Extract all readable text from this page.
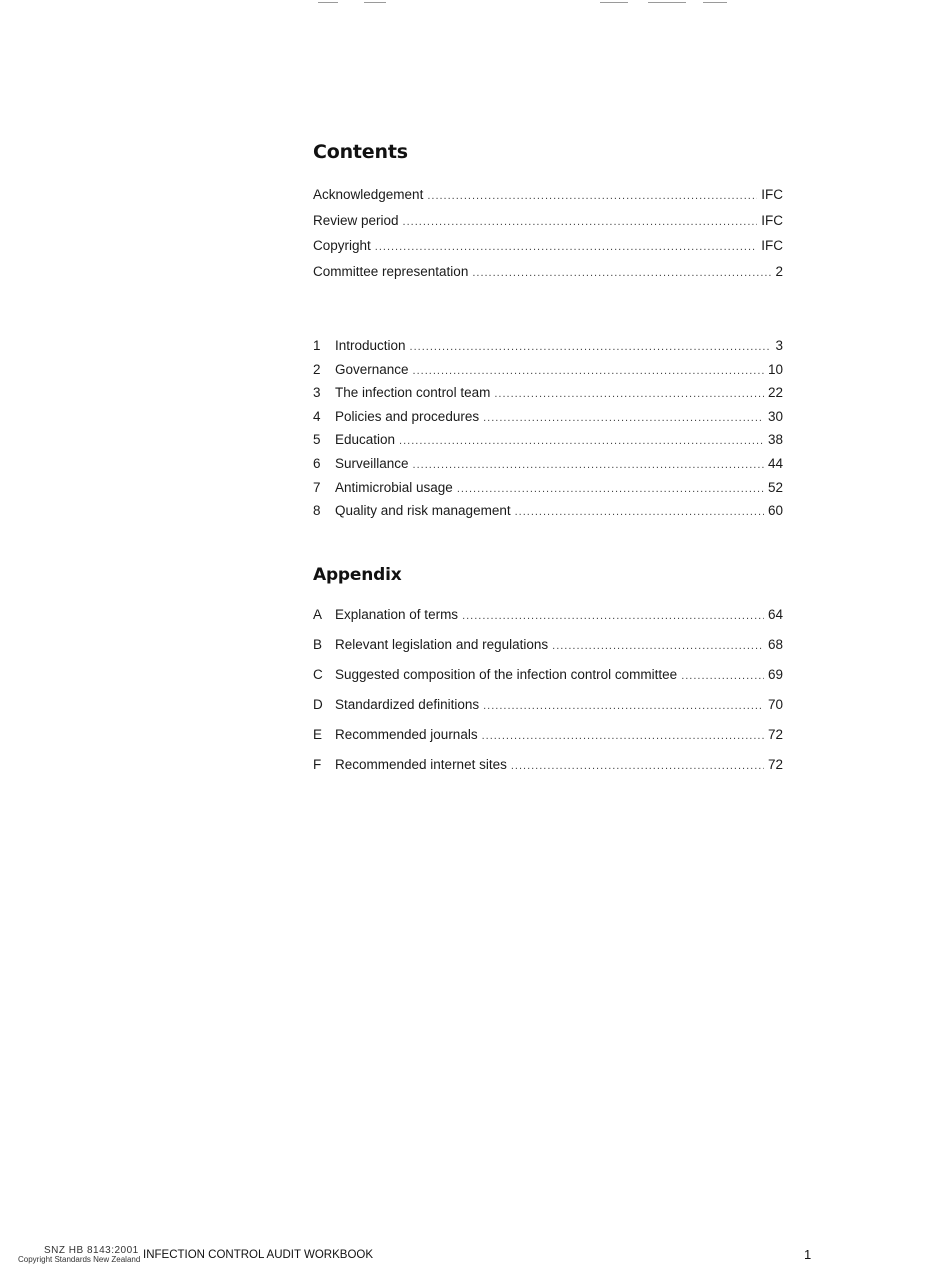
Contents
Acknowledgement .....	IFC
Review period .....	IFC
Copyright .....	IFC
Committee representation .....	2
1	Introduction .....	3
2	Governance .....	10
3	The infection control team .....	22
4	Policies and procedures .....	30
5	Education .....	38
6	Surveillance .....	44
7	Antimicrobial usage .....	52
8	Quality and risk management .....	60
Appendix
A Explanation of terms .....	64
B Relevant legislation and regulations .....	68
C Suggested composition of the infection control committee .....	69
D Standardized definitions .....	70
E Recommended journals .....	72
F	Recommended internet sites .....	72
SNZ HB 8143:2001
Copyright Standards New Zealand INFECTION CONTROL AUDIT WORKBOOK	1
